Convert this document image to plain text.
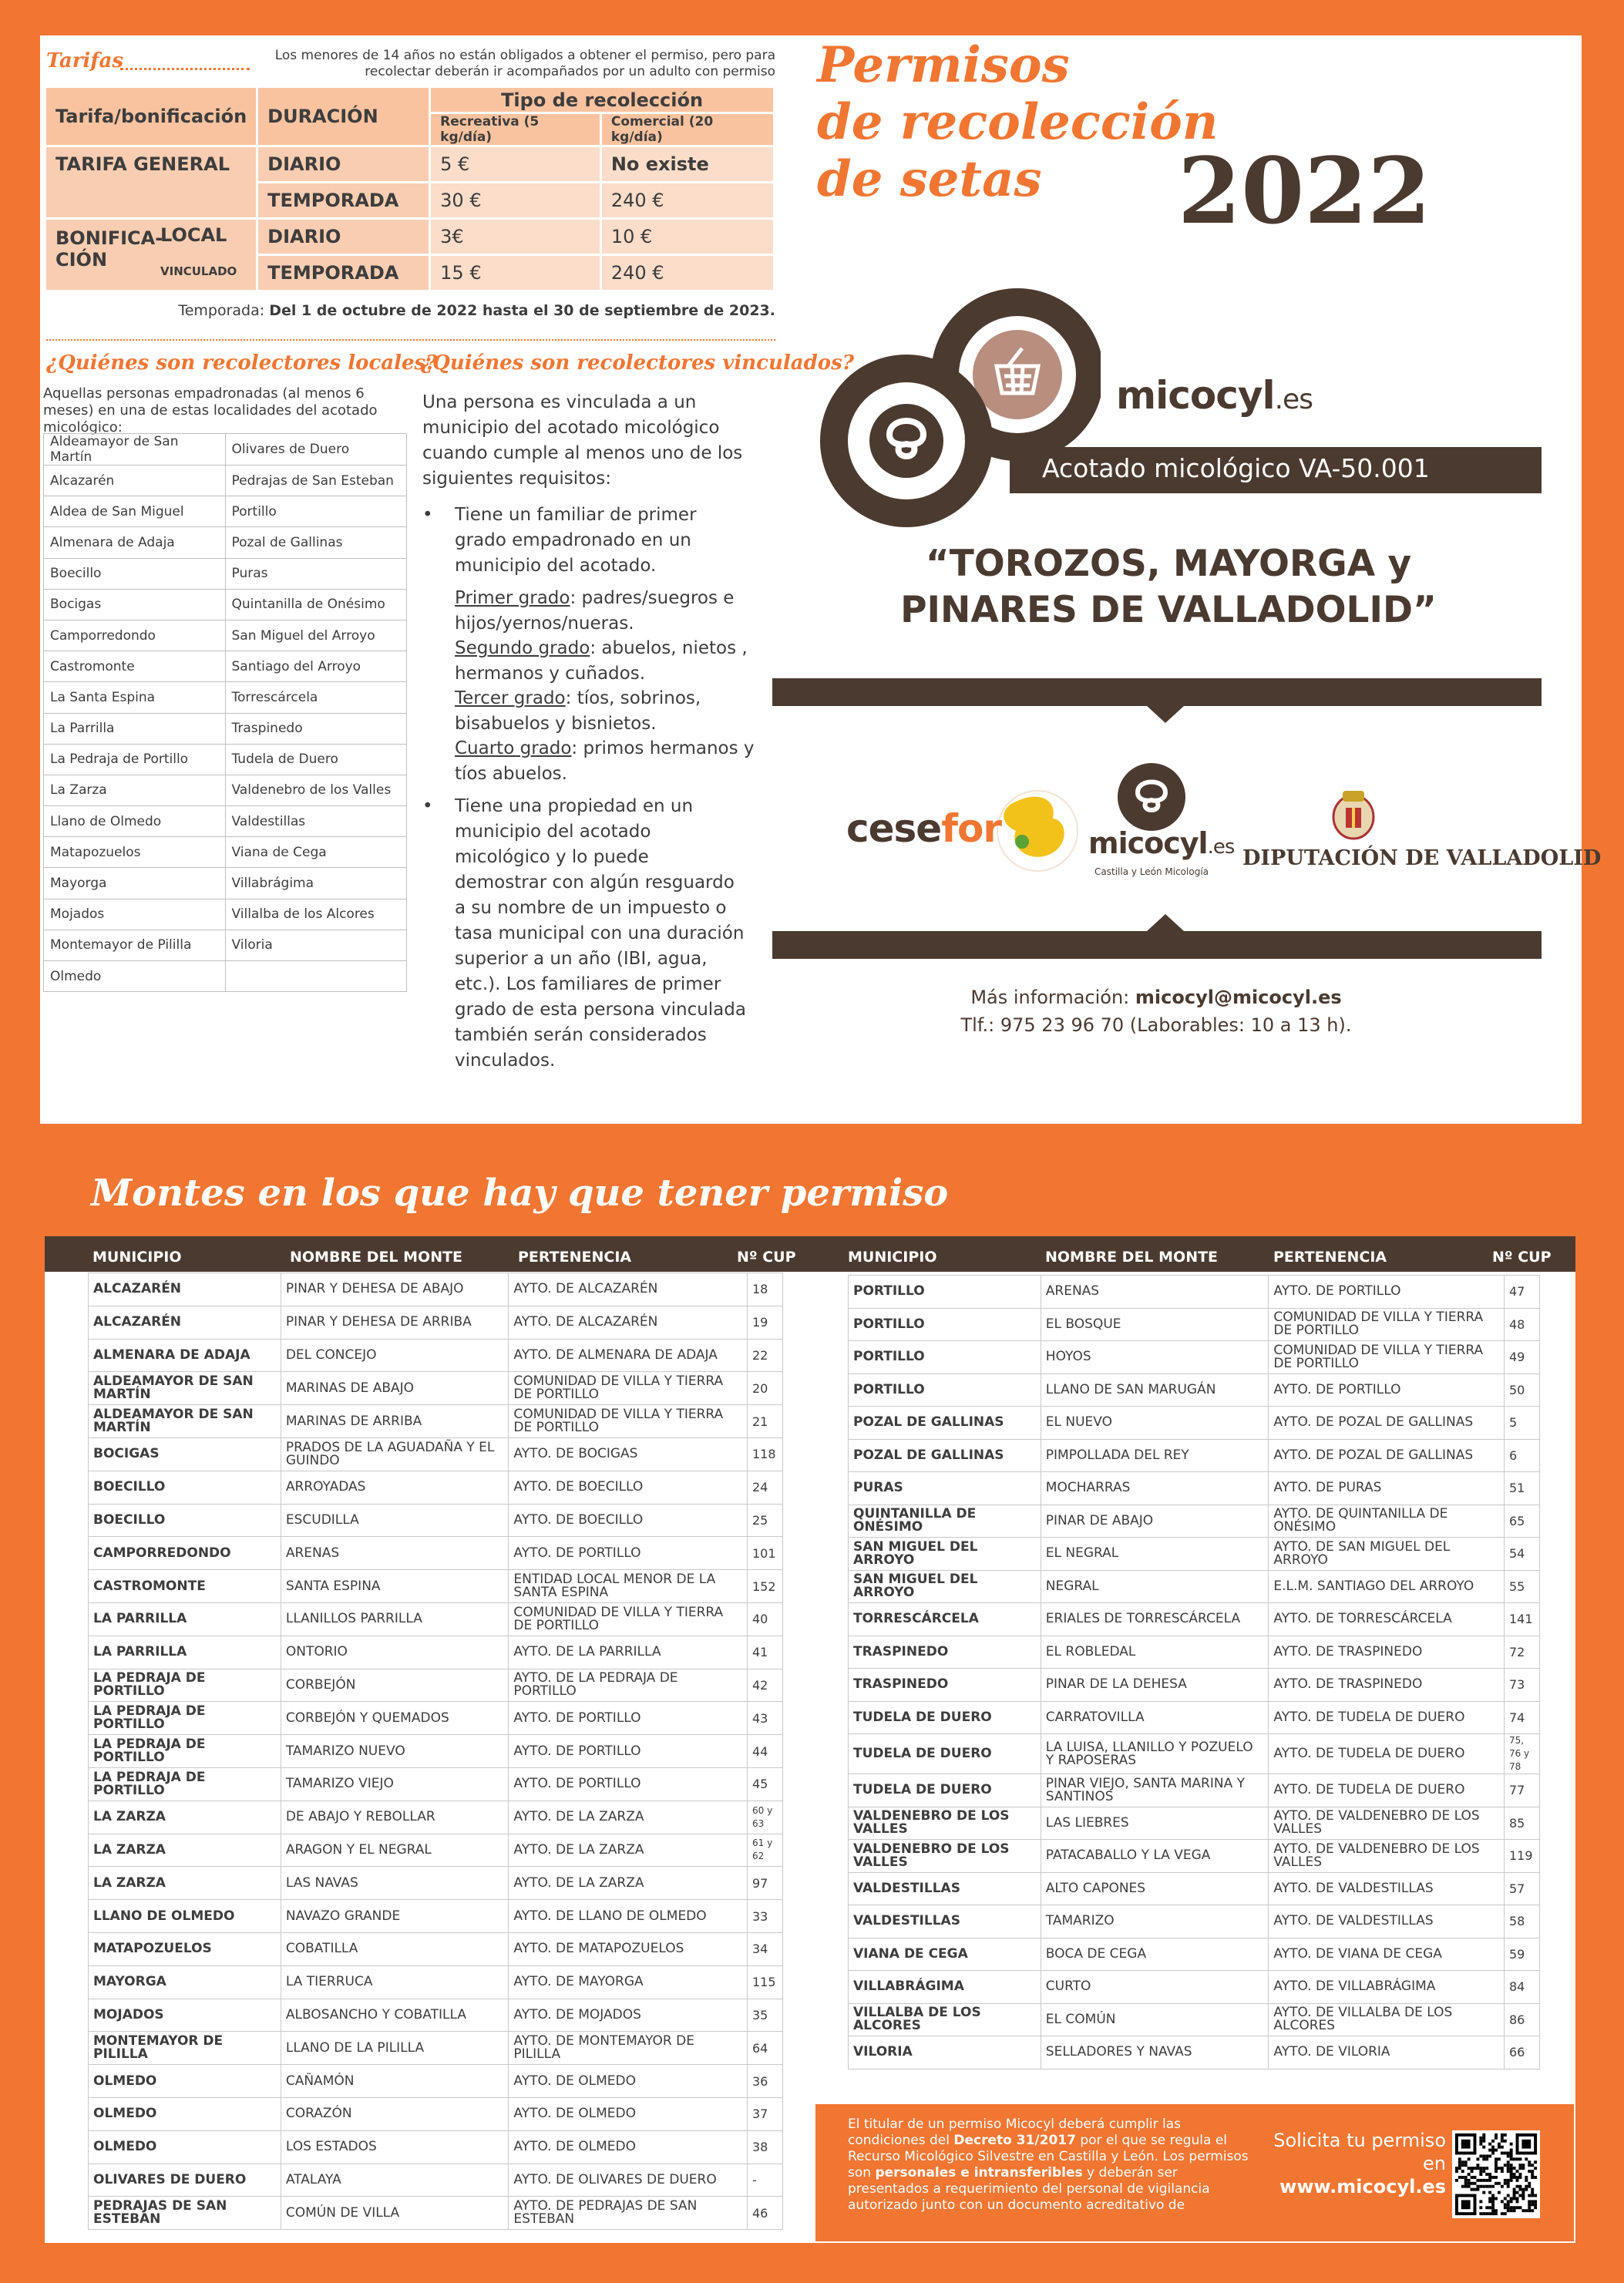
Tarifas	Los menores de 14 años no están obligados a obtener el permiso, pero para recolectar deberán ir acompañados por un adulto con permiso
Tarifa/bonificación	DURACIÓN	Tipo de recolección	
		Recreativa (5 kg/día)	Comercial (20 kg/día)
TARIFA GENERAL	DIARIO	5 €	No existe
	TEMPORADA	30 €	240 €

BONIFICA-CIÓN
LOCAL
VINCULADO	DIARIO	3€	10 €
	TEMPORADA	15 €	240 €
Temporada: Del 1 de octubre de 2022 hasta el 30 de septiembre de 2023.
¿Quiénes son recolectores locales?
Aquellas personas empadronadas (al menos 6 meses) en una de estas localidades del acotado micológico:
Aldeamayor de San Martín	Olivares de Duero
Alcazarén	Pedrajas de San Esteban
Aldea de San Miguel	Portillo
Almenara de Adaja	Pozal de Gallinas
Boecillo	Puras
Bocigas	Quintanilla de Onésimo
Camporredondo	San Miguel del Arroyo
Castromonte	Santiago del Arroyo
La Santa Espina	Torrescárcela
La Parrilla	Traspinedo
La Pedraja de Portillo	Tudela de Duero
La Zarza	Valdenebro de los Valles
Llano de Olmedo	Valdestillas
Matapozuelos	Viana de Cega
Mayorga	Villabrágima
Mojados	Villalba de los Alcores
Montemayor de Pililla	Viloria
Olmedo	
¿Quiénes son recolectores vinculados?
Una persona es vinculada a un municipio del acotado micológico cuando cumple al menos uno de los siguientes requisitos:
• Tiene un familiar de primer grado empadronado en un municipio del acotado.
Primer grado: padres/suegros e hijos/yernos/nueras.
Segundo grado: abuelos, nietos , hermanos y cuñados.
Tercer grado: tíos, sobrinos, bisabuelos y bisnietos.
Cuarto grado: primos hermanos y tíos abuelos.
• Tiene una propiedad en un municipio del acotado micológico y lo puede demostrar con algún resguardo a su nombre de un impuesto o tasa municipal con una duración superior a un año (IBI, agua, etc.). Los familiares de primer grado de esta persona vinculada también serán considerados vinculados.
Permisos
de recolección
de setas	2022
micocyl.es
Acotado micológico VA-50.001
“TOROZOS, MAYORGA y
PINARES DE VALLADOLID”
cesefor	micocyl.es
Castilla y León Micología
DIPUTACIÓN DE VALLADOLID
Más información: micocyl@micocyl.es
Tlf.: 975 23 96 70 (Laborables: 10 a 13 h).
Montes en los que hay que tener permiso
MUNICIPIO	NOMBRE DEL MONTE	PERTENENCIA	Nº CUP	MUNICIPIO	NOMBRE DEL MONTE	PERTENENCIA	Nº CUP
ALCAZARÉN	PINAR Y DEHESA DE ABAJO	AYTO. DE ALCAZARÉN	18
ALCAZARÉN	PINAR Y DEHESA DE ARRIBA	AYTO. DE ALCAZARÉN	19
ALMENARA DE ADAJA	DEL CONCEJO	AYTO. DE ALMENARA DE ADAJA	22
ALDEAMAYOR DE SAN MARTÍN	MARINAS DE ABAJO	COMUNIDAD DE VILLA Y TIERRA DE PORTILLO	20
ALDEAMAYOR DE SAN MARTÍN	MARINAS DE ARRIBA	COMUNIDAD DE VILLA Y TIERRA DE PORTILLO	21
BOCIGAS	PRADOS DE LA AGUADAÑA Y EL GUINDO	AYTO. DE BOCIGAS	118
BOECILLO	ARROYADAS	AYTO. DE BOECILLO	24
BOECILLO	ESCUDILLA	AYTO. DE BOECILLO	25
CAMPORREDONDO	ARENAS	AYTO. DE PORTILLO	101
CASTROMONTE	SANTA ESPINA	ENTIDAD LOCAL MENOR DE LA SANTA ESPINA	152
LA PARRILLA	LLANILLOS PARRILLA	COMUNIDAD DE VILLA Y TIERRA DE PORTILLO	40
LA PARRILLA	ONTORIO	AYTO. DE LA PARRILLA	41
LA PEDRAJA DE PORTILLO	CORBEJÓN	AYTO. DE LA PEDRAJA DE PORTILLO	42
LA PEDRAJA DE PORTILLO	CORBEJÓN Y QUEMADOS	AYTO. DE PORTILLO	43
LA PEDRAJA DE PORTILLO	TAMARIZO NUEVO	AYTO. DE PORTILLO	44
LA PEDRAJA DE PORTILLO	TAMARIZO VIEJO	AYTO. DE PORTILLO	45
LA ZARZA	DE ABAJO Y REBOLLAR	AYTO. DE LA ZARZA	60 y 63
LA ZARZA	ARAGON Y EL NEGRAL	AYTO. DE LA ZARZA	61 y 62
LA ZARZA	LAS NAVAS	AYTO. DE LA ZARZA	97
LLANO DE OLMEDO	NAVAZO GRANDE	AYTO. DE LLANO DE OLMEDO	33
MATAPOZUELOS	COBATILLA	AYTO. DE MATAPOZUELOS	34
MAYORGA	LA TIERRUCA	AYTO. DE MAYORGA	115
MOJADOS	ALBOSANCHO Y COBATILLA	AYTO. DE MOJADOS	35
MONTEMAYOR DE PILILLA	LLANO DE LA PILILLA	AYTO. DE MONTEMAYOR DE PILILLA	64
OLMEDO	CAÑAMÓN	AYTO. DE OLMEDO	36
OLMEDO	CORAZÓN	AYTO. DE OLMEDO	37
OLMEDO	LOS ESTADOS	AYTO. DE OLMEDO	38
OLIVARES DE DUERO	ATALAYA	AYTO. DE OLIVARES DE DUERO	-
PEDRAJAS DE SAN ESTEBAN	COMÚN DE VILLA	AYTO. DE PEDRAJAS DE SAN ESTEBAN	46
PORTILLO	ARENAS	AYTO. DE PORTILLO	47
PORTILLO	EL BOSQUE	COMUNIDAD DE VILLA Y TIERRA DE PORTILLO	48
PORTILLO	HOYOS	COMUNIDAD DE VILLA Y TIERRA DE PORTILLO	49
PORTILLO	LLANO DE SAN MARUGÁN	AYTO. DE PORTILLO	50
POZAL DE GALLINAS	EL NUEVO	AYTO. DE POZAL DE GALLINAS	5
POZAL DE GALLINAS	PIMPOLLADA DEL REY	AYTO. DE POZAL DE GALLINAS	6
PURAS	MOCHARRAS	AYTO. DE PURAS	51
QUINTANILLA DE ONÉSIMO	PINAR DE ABAJO	AYTO. DE QUINTANILLA DE ONÉSIMO	65
SAN MIGUEL DEL ARROYO	EL NEGRAL	AYTO. DE SAN MIGUEL DEL ARROYO	54
SAN MIGUEL DEL ARROYO	NEGRAL	E.L.M. SANTIAGO DEL ARROYO	55
TORRESCÁRCELA	ERIALES DE TORRESCÁRCELA	AYTO. DE TORRESCÁRCELA	141
TRASPINEDO	EL ROBLEDAL	AYTO. DE TRASPINEDO	72
TRASPINEDO	PINAR DE LA DEHESA	AYTO. DE TRASPINEDO	73
TUDELA DE DUERO	CARRATOVILLA	AYTO. DE TUDELA DE DUERO	74
TUDELA DE DUERO	LA LUISA, LLANILLO Y POZUELO Y RAPOSERAS	AYTO. DE TUDELA DE DUERO	75, 76 y 78
TUDELA DE DUERO	PINAR VIEJO, SANTA MARINA Y SANTINOS	AYTO. DE TUDELA DE DUERO	77
VALDENEBRO DE LOS VALLES	LAS LIEBRES	AYTO. DE VALDENEBRO DE LOS VALLES	85
VALDENEBRO DE LOS VALLES	PATACABALLO Y LA VEGA	AYTO. DE VALDENEBRO DE LOS VALLES	119
VALDESTILLAS	ALTO CAPONES	AYTO. DE VALDESTILLAS	57
VALDESTILLAS	TAMARIZO	AYTO. DE VALDESTILLAS	58
VIANA DE CEGA	BOCA DE CEGA	AYTO. DE VIANA DE CEGA	59
VILLABRÁGIMA	CURTO	AYTO. DE VILLABRÁGIMA	84
VILLALBA DE LOS ALCORES	EL COMÚN	AYTO. DE VILLALBA DE LOS ALCORES	86
VILORIA	SELLADORES Y NAVAS	AYTO. DE VILORIA	66
El titular de un permiso Micocyl deberá cumplir las condiciones del Decreto 31/2017 por el que se regula el Recurso Micológico Silvestre en Castilla y León. Los permisos son personales e intransferibles y deberán ser presentados a requerimiento del personal de vigilancia autorizado junto con un documento acreditativo de
Solicita tu permiso en
www.micocyl.es
